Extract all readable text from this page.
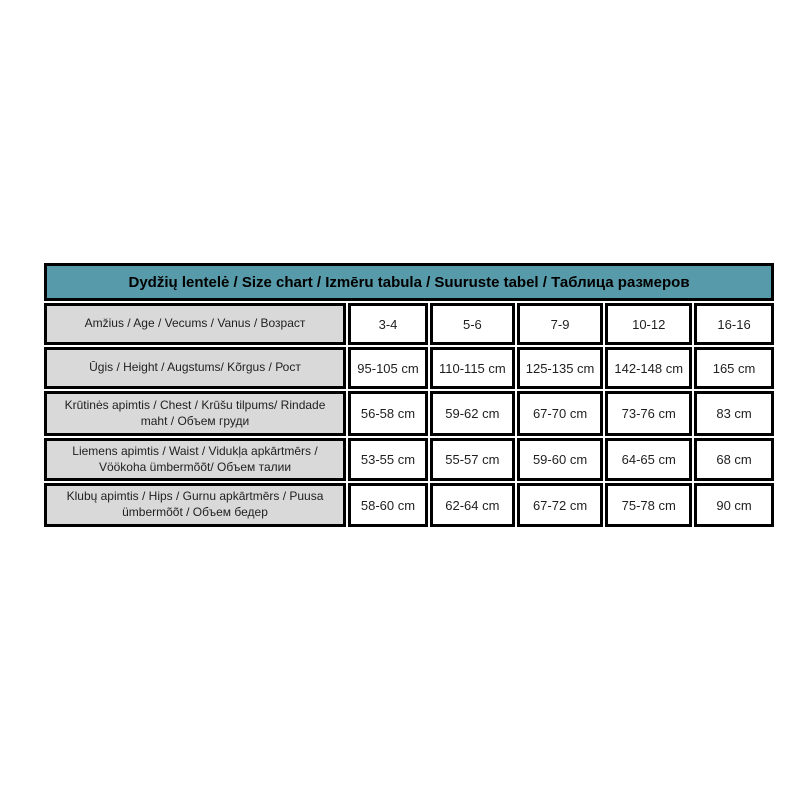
Dydžių lentelė / Size chart / Izmēru tabula / Suuruste tabel / Таблица размеров					
Amžius / Age / Vecums / Vanus / Возраст	3-4	5-6	7-9	10-12	16-16
Ūgis / Height / Augstums/ Kõrgus / Рост	95-105 cm	110-115 cm	125-135 cm	142-148 cm	165 cm
Krūtinės apimtis / Chest / Krūšu tilpums/ Rindade maht / Объем груди	56-58 cm	59-62 cm	67-70 cm	73-76 cm	83 cm
Liemens apimtis / Waist / Vidukļa apkārtmērs / Vöökoha ümbermõõt/ Объем талии	53-55 cm	55-57 cm	59-60 cm	64-65 cm	68 cm
Klubų apimtis / Hips / Gurnu apkārtmērs / Puusa ümbermõõt / Объем бедер	58-60 cm	62-64 cm	67-72 cm	75-78 cm	90 cm
